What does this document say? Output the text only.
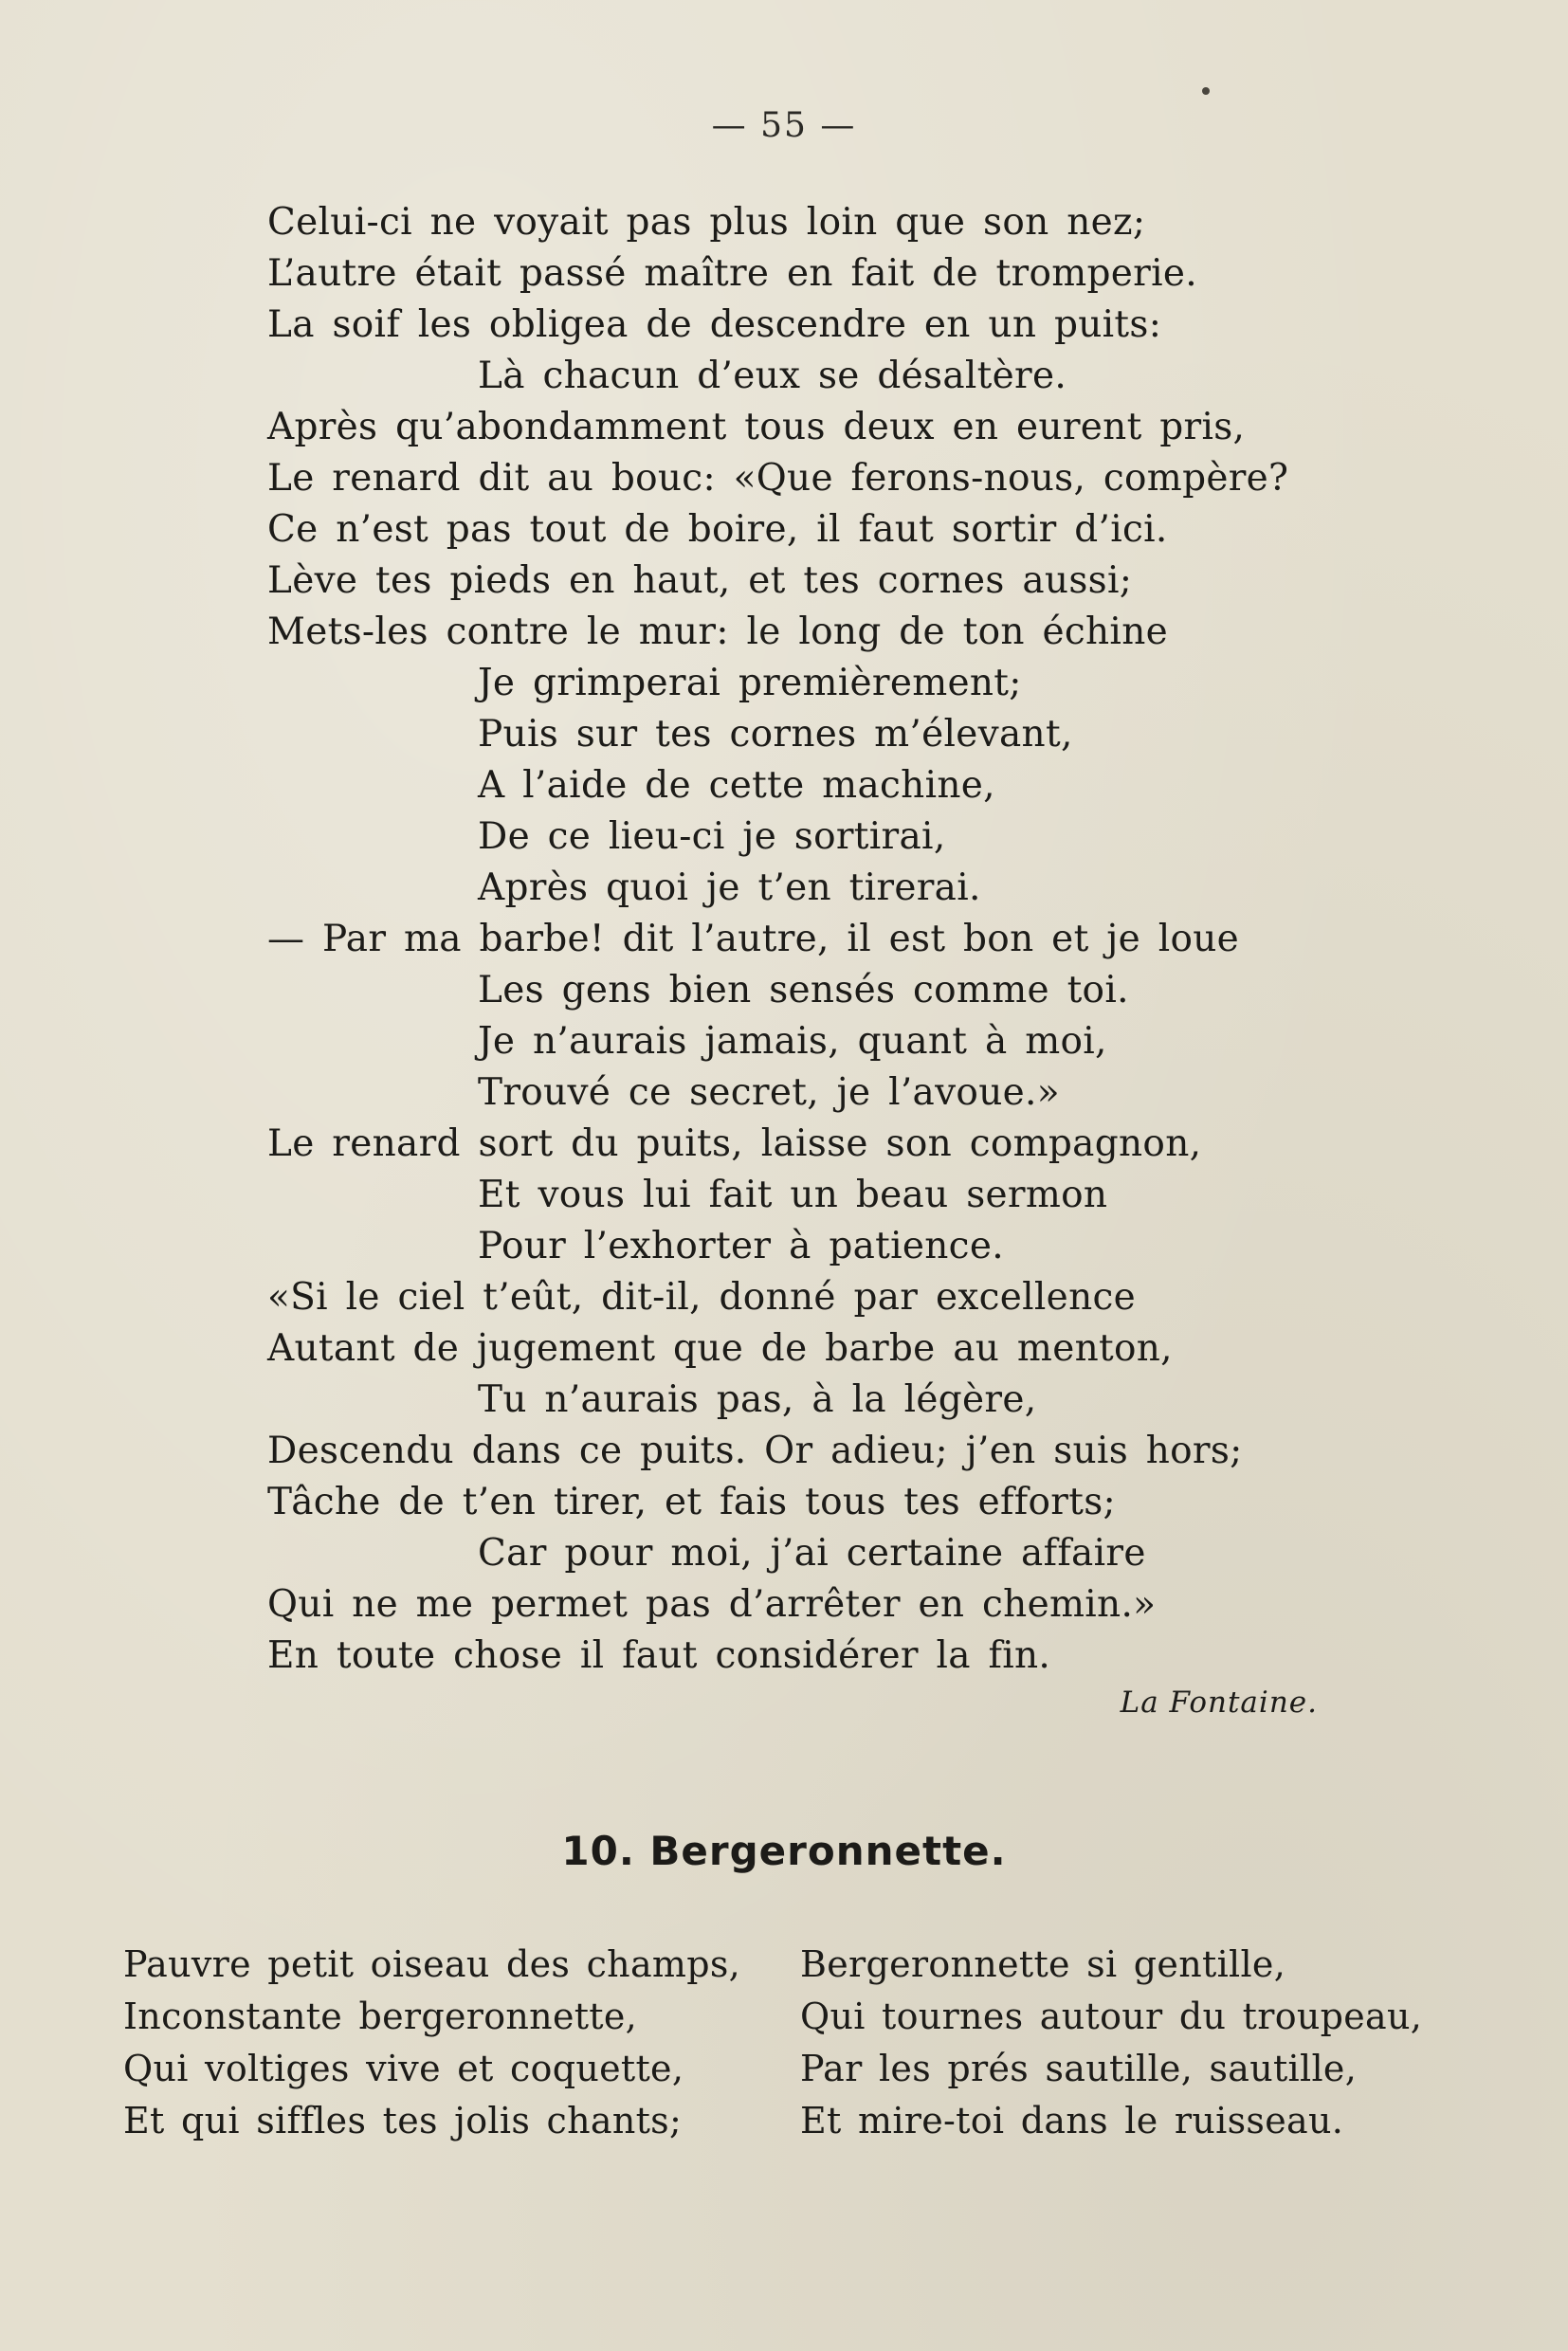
— 55 —
Celui-ci ne voyait pas plus loin que son nez;
L’autre était passé maître en fait de tromperie.
La soif les obligea de descendre en un puits:
Là chacun d’eux se désaltère.
Après qu’abondamment tous deux en eurent pris,
Le renard dit au bouc: «Que ferons-nous, compère?
Ce n’est pas tout de boire, il faut sortir d’ici.
Lève tes pieds en haut, et tes cornes aussi;
Mets-les contre le mur: le long de ton échine
Je grimperai premièrement;
Puis sur tes cornes m’élevant,
A l’aide de cette machine,
De ce lieu-ci je sortirai,
Après quoi je t’en tirerai.
— Par ma barbe! dit l’autre, il est bon et je loue
Les gens bien sensés comme toi.
Je n’aurais jamais, quant à moi,
Trouvé ce secret, je l’avoue.»
Le renard sort du puits, laisse son compagnon,
Et vous lui fait un beau sermon
Pour l’exhorter à patience.
«Si le ciel t’eût, dit-il, donné par excellence
Autant de jugement que de barbe au menton,
Tu n’aurais pas, à la légère,
Descendu dans ce puits. Or adieu; j’en suis hors;
Tâche de t’en tirer, et fais tous tes efforts;
Car pour moi, j’ai certaine affaire
Qui ne me permet pas d’arrêter en chemin.»
En toute chose il faut considérer la fin.
La Fontaine.
10. Bergeronnette.
Pauvre petit oiseau des champs,
Inconstante bergeronnette,
Qui voltiges vive et coquette,
Et qui siffles tes jolis chants;
Bergeronnette si gentille,
Qui tournes autour du troupeau,
Par les prés sautille, sautille,
Et mire-toi dans le ruisseau.
